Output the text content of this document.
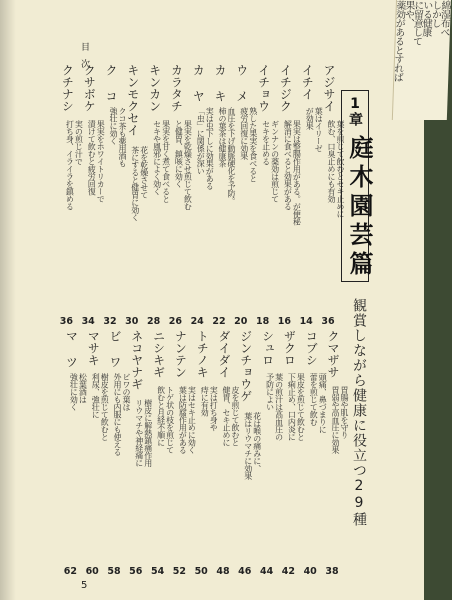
目次
アジサイ
葉を煎じて飲むとセキ止めに
飲む、口臭止めにも有効
36
イチイ
葉はイリーゼ
が効果
14
イチジク
果実は整腸作用がある。が便秘
解消に食べると効果がある
16
イチョウ
ギンナンの薬効は煎じて
セキを止める
18
ウ メ
熟した果実を食べると
疲労回復に効果
20
カ キ
血圧を下げ動脈硬化を予防。
柿の葉茶は健康茶
22
カ ヤ
実は虫下しに効果がある
「虫」に関係が深い
24
カラタチ
果実を乾燥させ煎じて飲む
と健胃、鎮咳に効く
26
キンカン
果実を甘く煮て食べると
セキや風邪によく効く
28
キンモクセイ
花を乾燥させて
茶にすると健胃に効く
30
ク コ
クコ茶も薬用酒も
強壮に効く
32
クサボケ
果実をホワイトリカーで
漬けて飲むと疲労回復
34
クチナシ
実の煎じ汁で
打ち身、イライラを鎮める
36
クマザサ
胃腸や肌を守り
胃弱や高血圧に効果
38
コブシ
頭痛、鼻づまりに
蕾を煎じて飲む
40
ザクロ
果皮を煎じて飲むと
下痢止め、口内炎に
42
シュロ
葉の煎汁は高血圧の
予防によい
44
ジンチョウゲ
花は喉の痛みに、
葉はリウマチに効果
46
ダイダイ
皮を煎じて飲むと
健胃、セキ止めに
48
トチノキ
実は打ち身や
痔に有効
50
ナンテン
実はセキ止めに効く
葉は防腐作用がある
52
ニシキギ
トゲ状の枝を煎じて
飲むと月経不順に
54
ネコヤナギ
樹皮に解熱鎮痛作用
リウマチや神経痛に
56
ビ ワ
ビワの葉は
外用にも内服にも使える
58
マサキ
樹皮を煎じて飲むと
利尿、強壮に
60
マ ツ
松葉酒は
強壮に効く
62
1章
庭木園芸篇
観賞しながら健康に役立つ29種
5
綿湿布べ
しかし
いる健康
に留意して
果や、
薬効があるとすれば
